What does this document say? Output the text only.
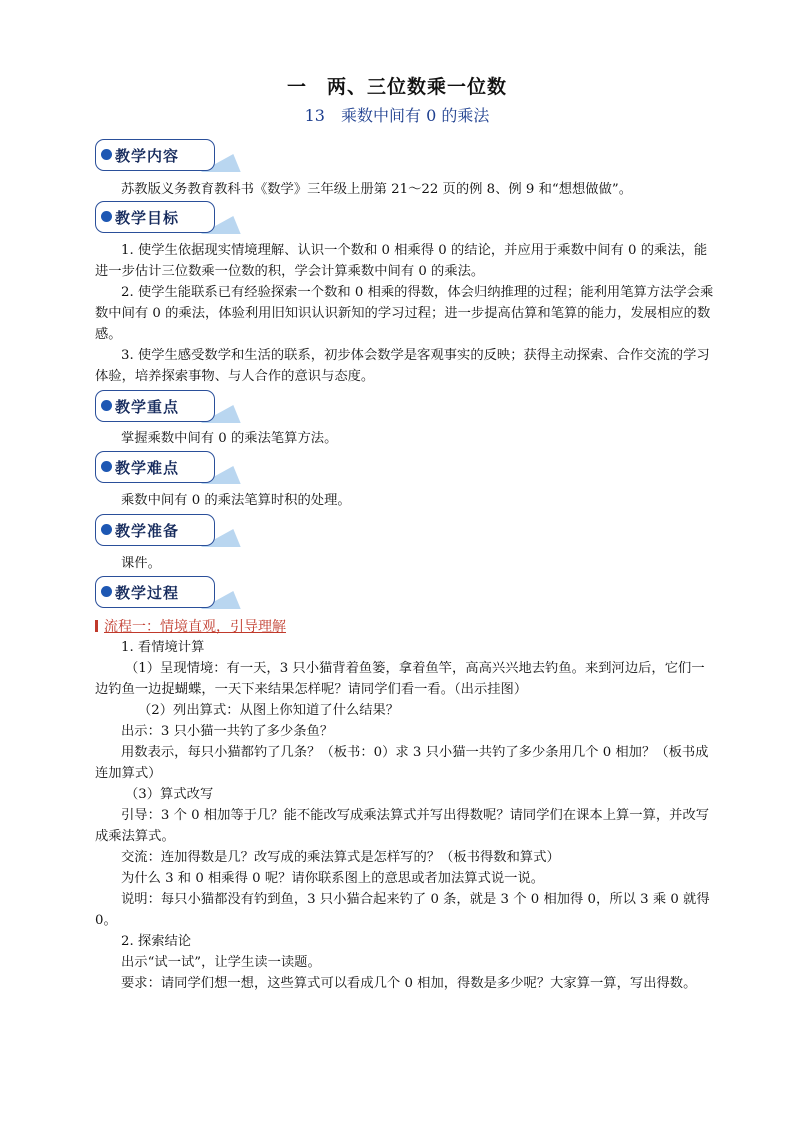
一　两、三位数乘一位数
13　 乘数中间有 0 的乘法
教学内容

苏教版义务教育教科书《数学》三年级上册第 21～22 页的例 8、例 9 和“想想做做”。

教学目标

1. 使学生依据现实情境理解、认识一个数和 0 相乘得 0 的结论，并应用于乘数中间有 0 的乘法，能进一步估计三位数乘一位数的积，学会计算乘数中间有 0 的乘法。

2. 使学生能联系已有经验探索一个数和 0 相乘的得数，体会归纳推理的过程；能利用笔算方法学会乘数中间有 0 的乘法，体验利用旧知识认识新知的学习过程；进一步提高估算和笔算的能力，发展相应的数感。

3. 使学生感受数学和生活的联系，初步体会数学是客观事实的反映；获得主动探索、合作交流的学习体验，培养探索事物、与人合作的意识与态度。

教学重点

掌握乘数中间有 0 的乘法笔算方法。

教学难点

乘数中间有 0 的乘法笔算时积的处理。

教学准备

课件。

教学过程
流程一：情境直观，引导理解

1. 看情境计算

（1）呈现情境：有一天，3 只小猫背着鱼篓，拿着鱼竿，高高兴兴地去钓鱼。来到河边后，它们一边钓鱼一边捉蝴蝶，一天下来结果怎样呢？请同学们看一看。（出示挂图）

（2）列出算式：从图上你知道了什么结果？

出示：3 只小猫一共钓了多少条鱼？

用数表示，每只小猫都钓了几条？（板书：0）求 3 只小猫一共钓了多少条用几个 0 相加？（板书成连加算式）

（3）算式改写

引导：3 个 0 相加等于几？能不能改写成乘法算式并写出得数呢？请同学们在课本上算一算，并改写成乘法算式。

交流：连加得数是几？改写成的乘法算式是怎样写的？（板书得数和算式）

为什么 3 和 0 相乘得 0 呢？请你联系图上的意思或者加法算式说一说。

说明：每只小猫都没有钓到鱼，3 只小猫合起来钓了 0 条，就是 3 个 0 相加得 0，所以 3 乘 0 就得 0。

2. 探索结论

出示“试一试”，让学生读一读题。

要求：请同学们想一想，这些算式可以看成几个 0 相加，得数是多少呢？大家算一算，写出得数。
